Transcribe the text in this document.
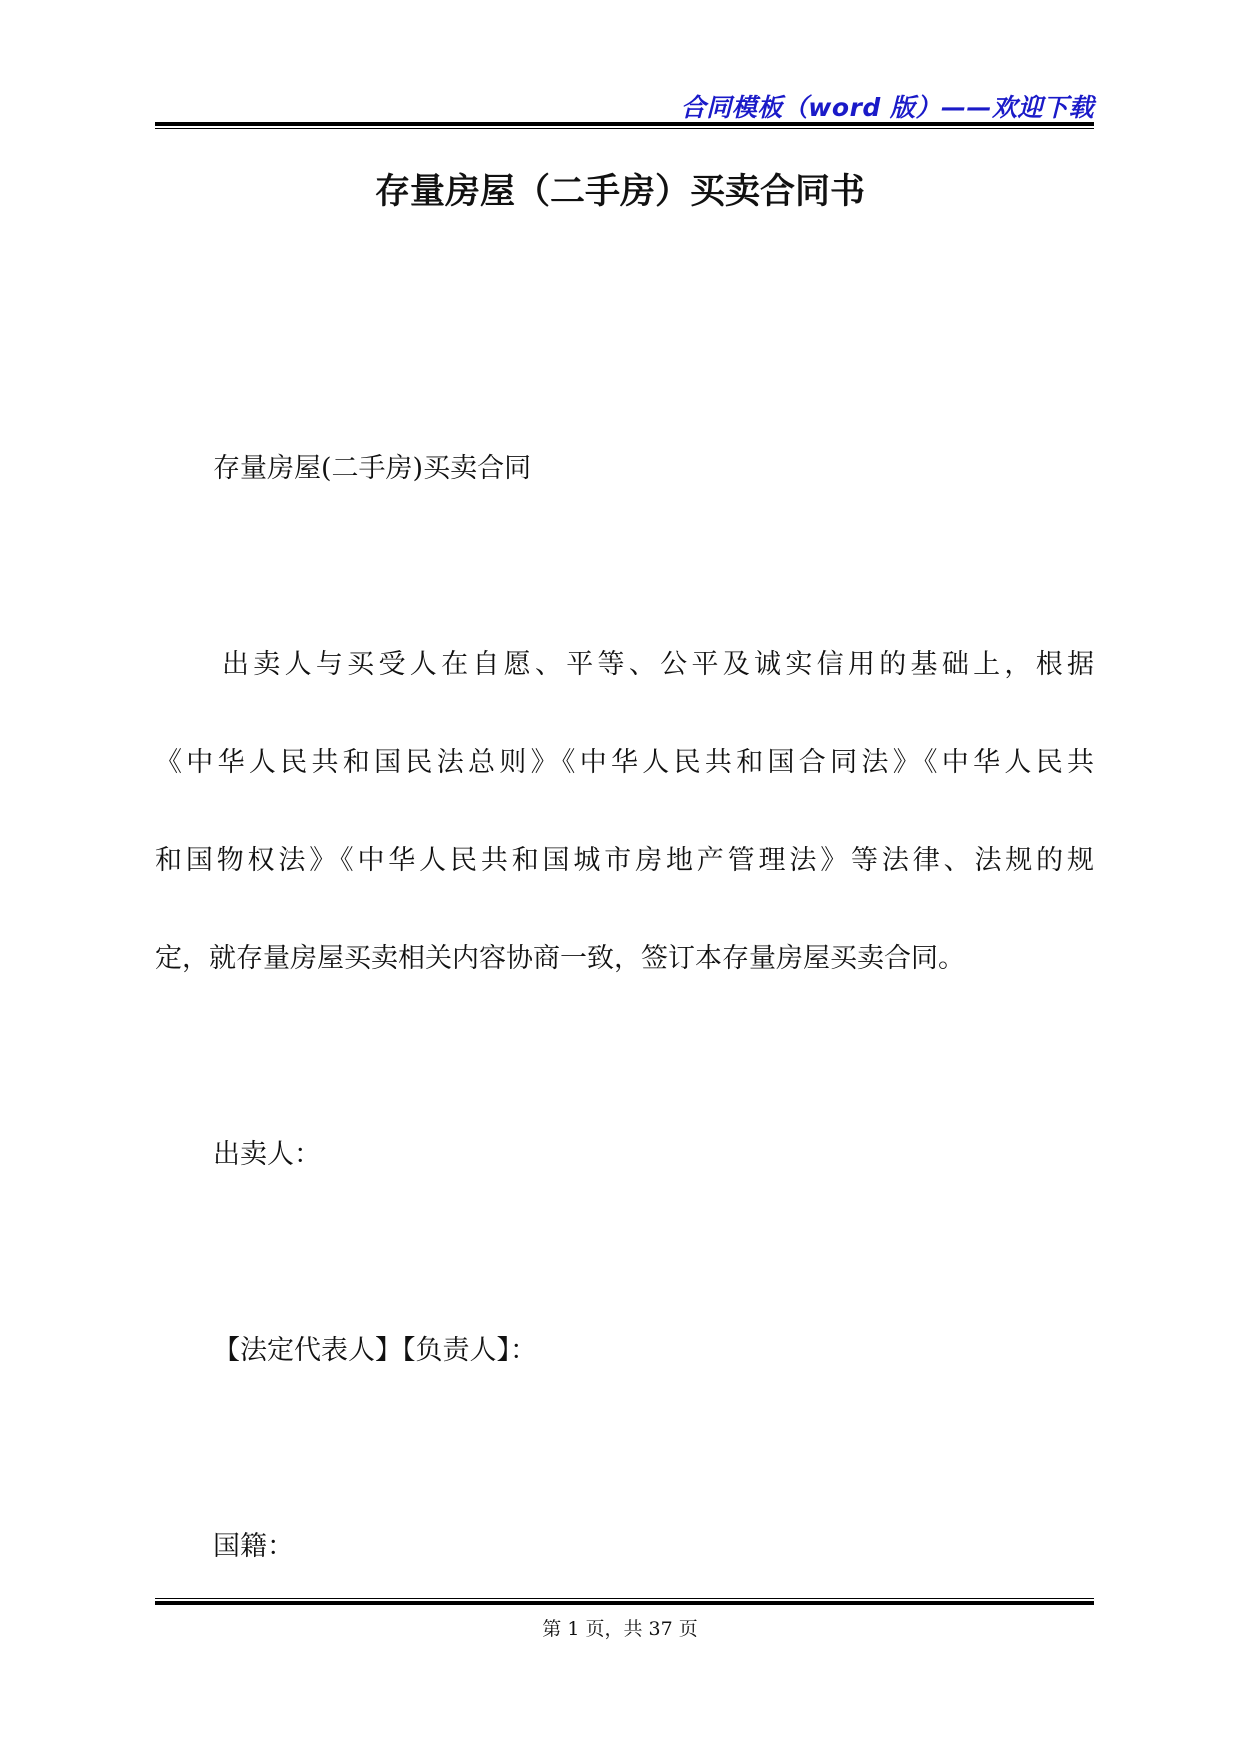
合同模板（word 版）——欢迎下载
存量房屋（二手房）买卖合同书
存量房屋(二手房)买卖合同
出卖人与买受人在自愿、平等、公平及诚实信用的基础上，根据
《中华人民共和国民法总则》《中华人民共和国合同法》《中华人民共
和国物权法》《中华人民共和国城市房地产管理法》等法律、法规的规
定，就存量房屋买卖相关内容协商一致，签订本存量房屋买卖合同。
出卖人：
【法定代表人】【负责人】：
国籍：
第 1 页，共 37 页
